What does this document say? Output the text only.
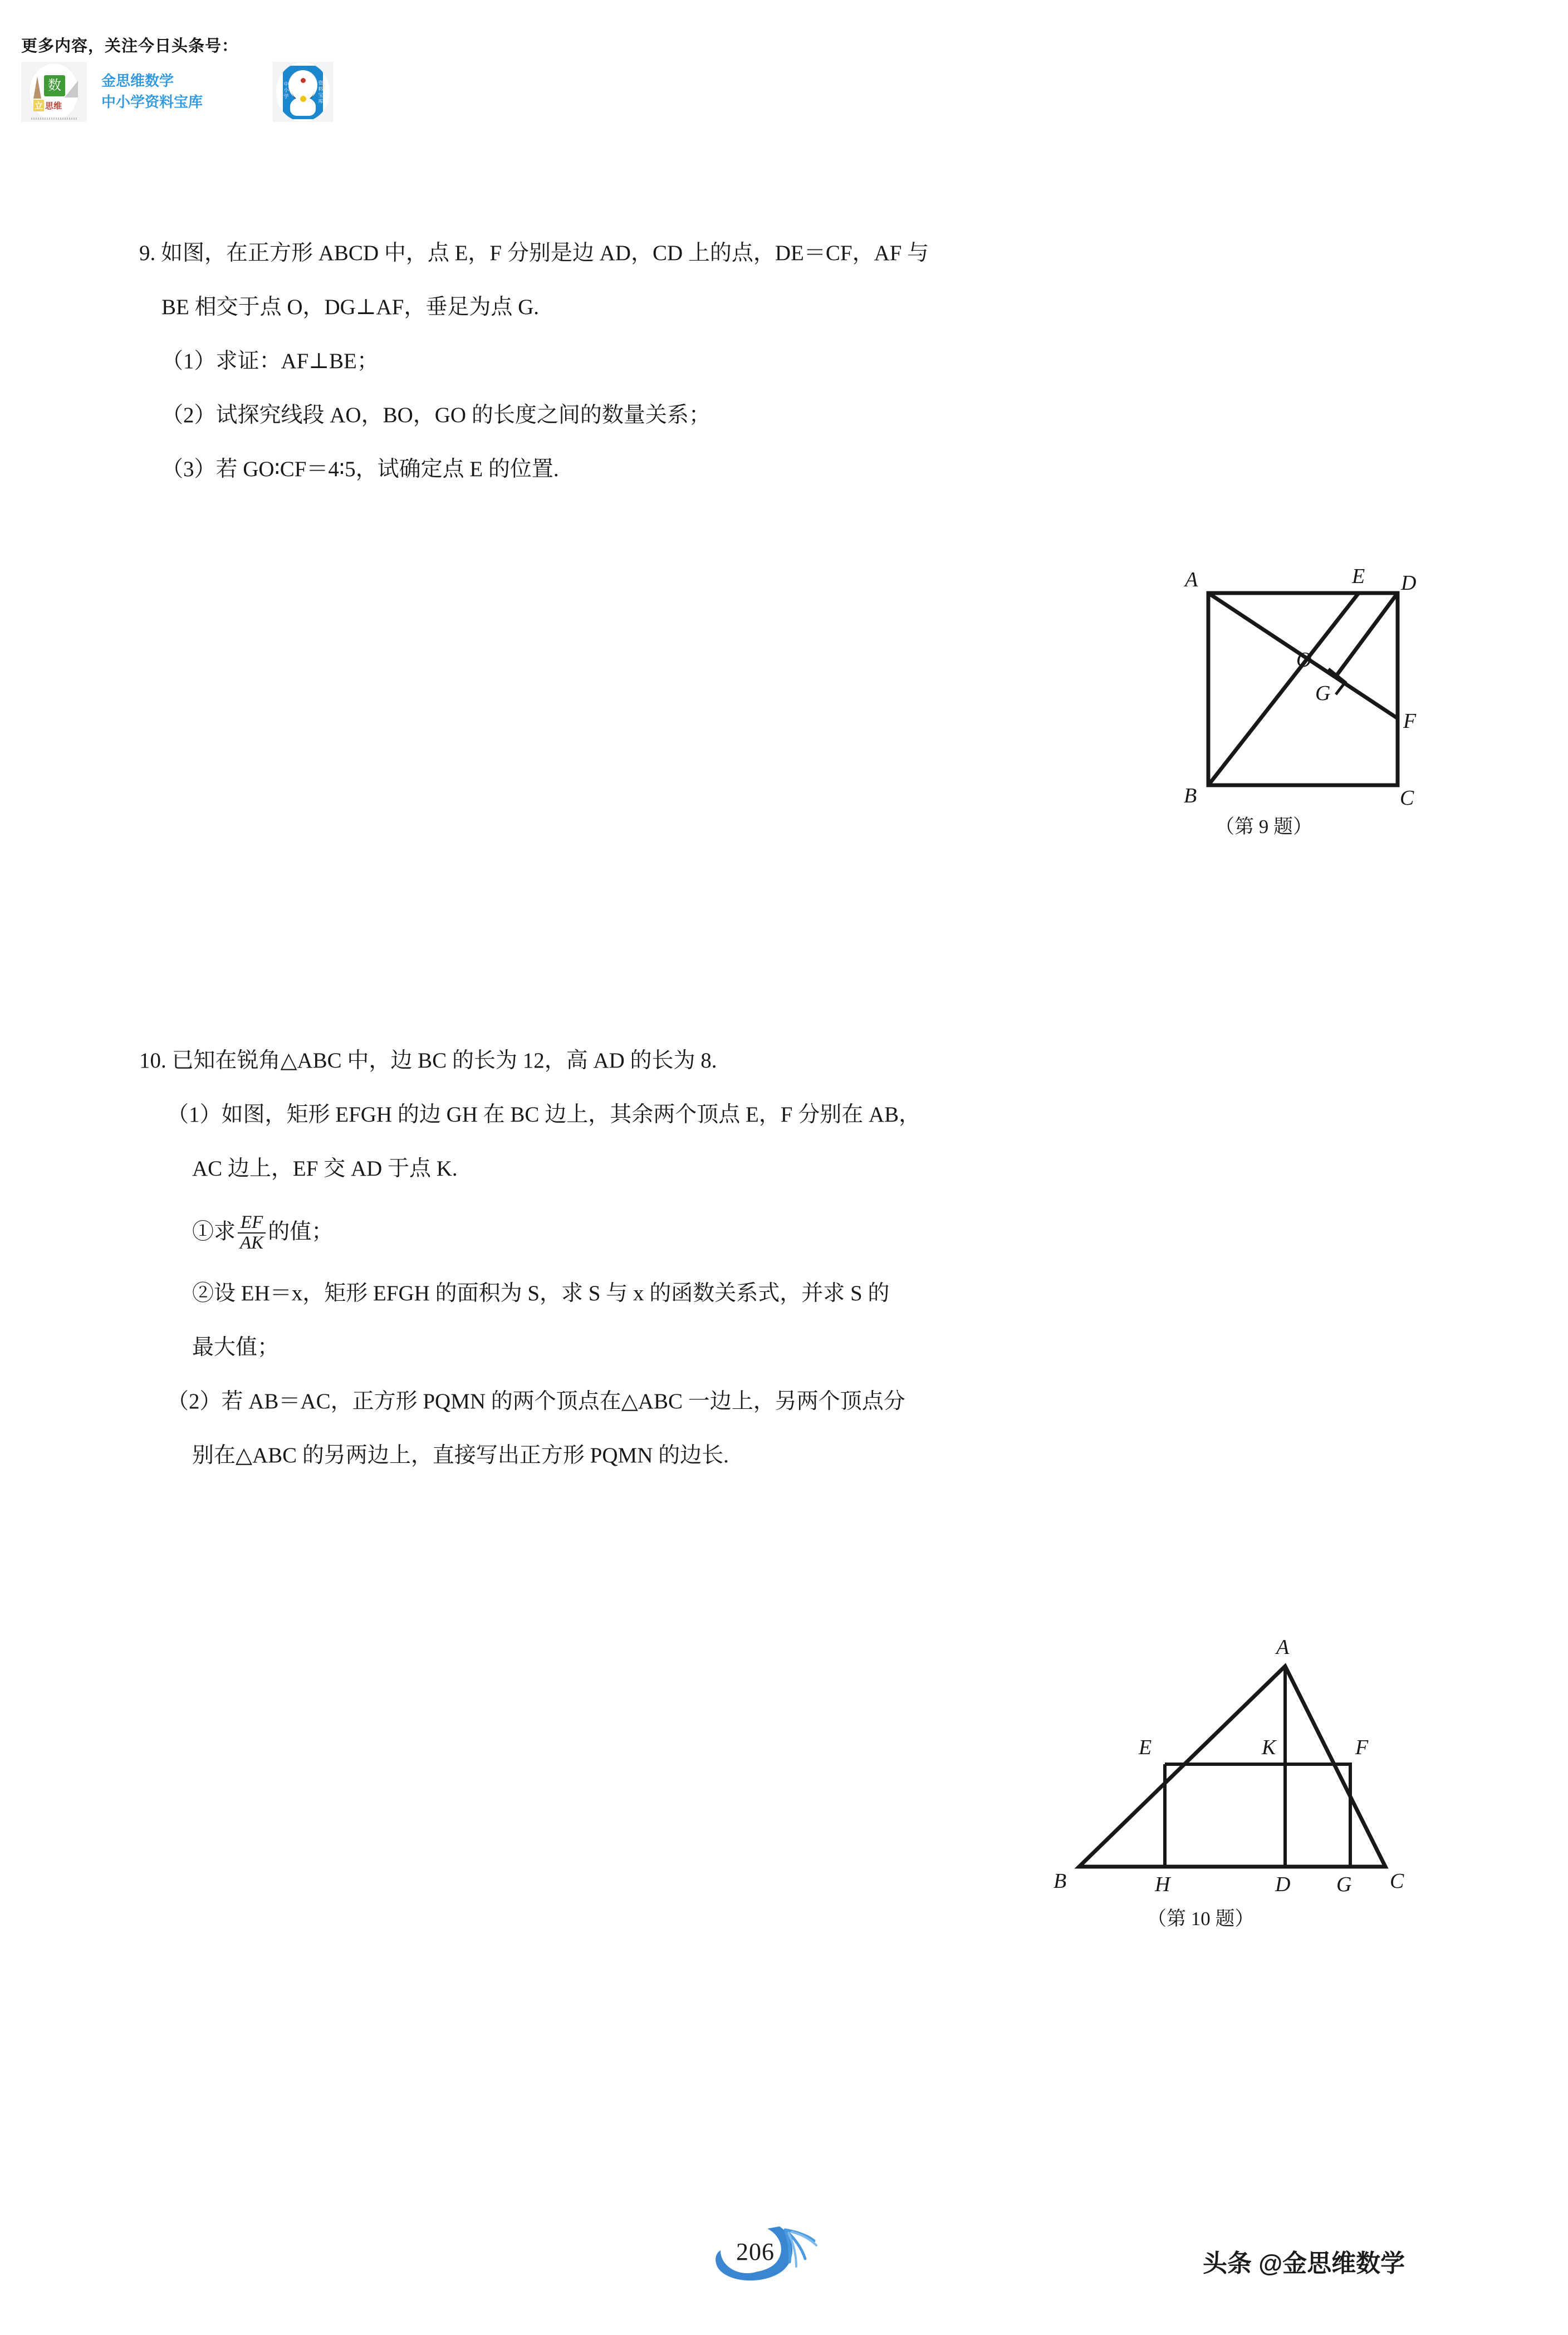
更多内容，关注今日头条号：
数
立 思维
金思维数学
中小学资料宝库
中小学
资料宝库
9. 如图，在正方形 ABCD 中，点 E，F 分别是边 AD，CD 上的点，DE＝CF，AF 与
BE 相交于点 O，DG⊥AF，垂足为点 G.
（1）求证：AF⊥BE；
（2）试探究线段 AO，BO，GO 的长度之间的数量关系；
（3）若 GO∶CF＝4∶5，试确定点 E 的位置.
A	E D
O
G
F
B	C
（第 9 题）
10. 已知在锐角△ABC 中，边 BC 的长为 12，高 AD 的长为 8.
（1）如图，矩形 EFGH 的边 GH 在 BC 边上，其余两个顶点 E，F 分别在 AB，
AC 边上，EF 交 AD 于点 K.
①求 $\frac{EF}{AK}$ 的值；
②设 EH＝x，矩形 EFGH 的面积为 S，求 S 与 x 的函数关系式，并求 S 的
最大值；
（2）若 AB＝AC，正方形 PQMN 的两个顶点在△ABC 一边上，另两个顶点分
别在△ABC 的另两边上，直接写出正方形 PQMN 的边长.
A
E	K	F
B	H	D G C
（第 10 题）
206	头条 @金思维数学
